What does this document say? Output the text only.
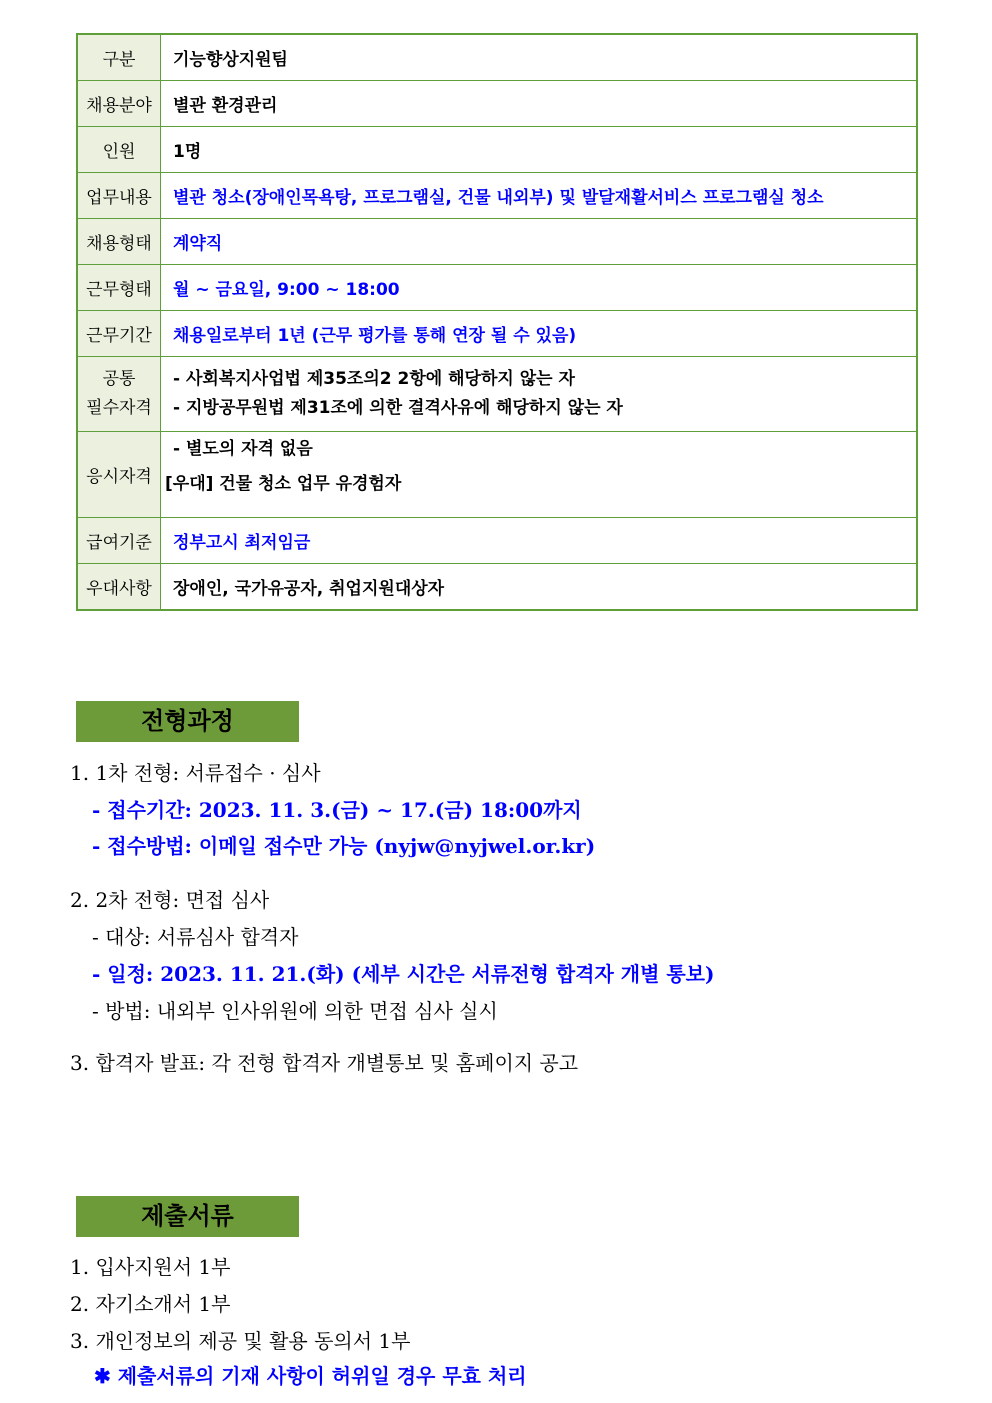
구분	기능향상지원팀
채용분야	별관 환경관리
인원	1명
업무내용	별관 청소(장애인목욕탕, 프로그램실, 건물 내외부) 및 발달재활서비스 프로그램실 청소
채용형태	계약직
근무형태	월 ~ 금요일, 9:00 ~ 18:00
근무기간	채용일로부터 1년 (근무 평가를 통해 연장 될 수 있음)

공통
필수자격	- 사회복지사업법 제35조의2 2항에 해당하지 않는 자
- 지방공무원법 제31조에 의한 결격사유에 해당하지 않는 자

응시자격	- 별도의 자격 없음
[우대] 건물 청소 업무 유경험자

급여기준	정부고시 최저임금
우대사항	장애인, 국가유공자, 취업지원대상자
전형과정
1. 1차 전형: 서류접수 · 심사
- 접수기간: 2023. 11. 3.(금) ~ 17.(금) 18:00까지
- 접수방법: 이메일 접수만 가능 (nyjw@nyjwel.or.kr)
2. 2차 전형: 면접 심사
- 대상: 서류심사 합격자
- 일정: 2023. 11. 21.(화) (세부 시간은 서류전형 합격자 개별 통보)
- 방법: 내외부 인사위원에 의한 면접 심사 실시
3. 합격자 발표: 각 전형 합격자 개별통보 및 홈페이지 공고
제출서류
1. 입사지원서 1부
2. 자기소개서 1부
3. 개인정보의 제공 및 활용 동의서 1부
✱ 제출서류의 기재 사항이 허위일 경우 무효 처리
